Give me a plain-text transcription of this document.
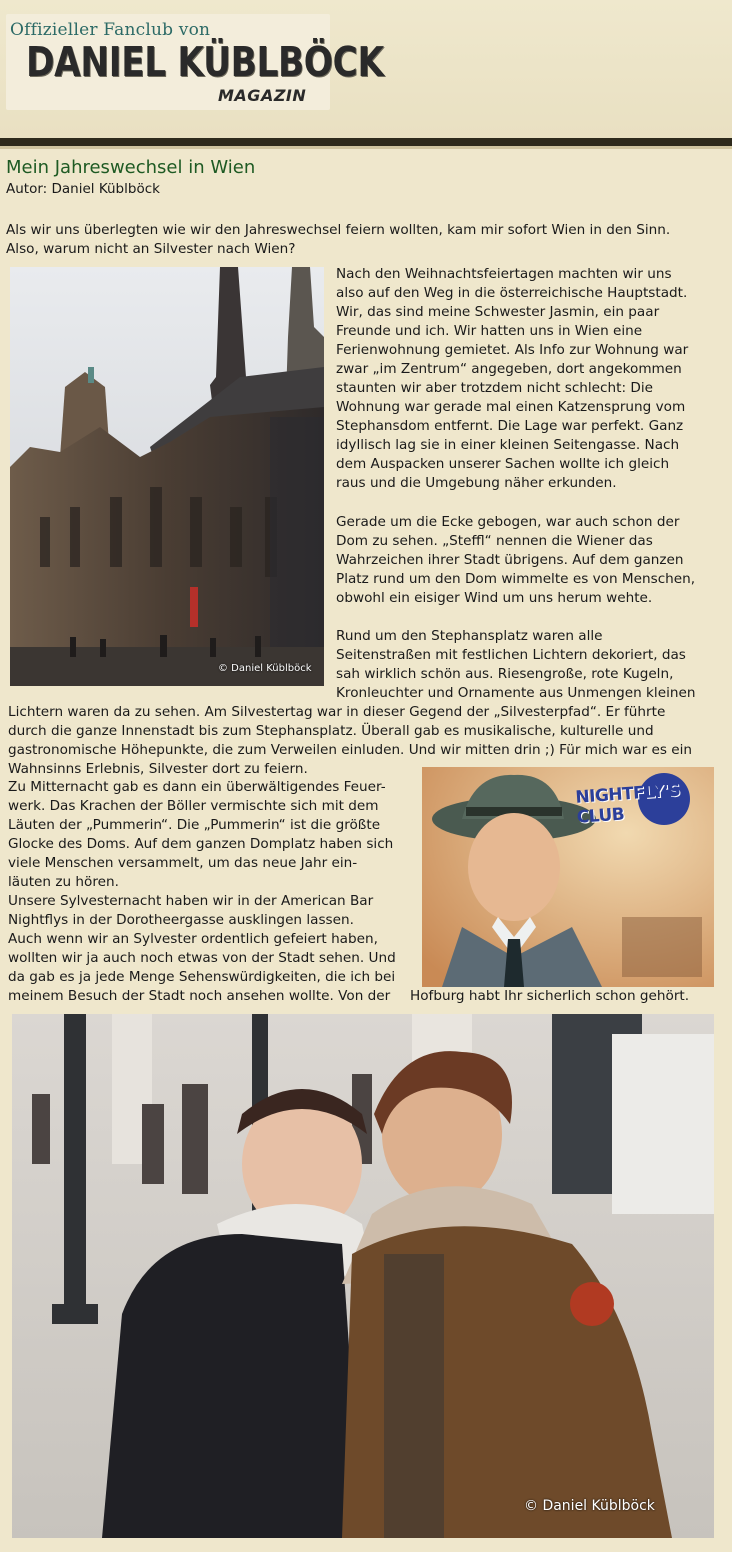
Offizieller Fanclub von
DANIEL KÜBLBÖCK
MAGAZIN
Mein Jahreswechsel in Wien
Autor: Daniel Küblböck

Als wir uns überlegten wie wir den Jahreswechsel feiern wollten, kam mir sofort Wien in den Sinn.
Also, warum nicht an Silvester nach Wien?

© Daniel Küblböck

Nach den Weihnachtsfeiertagen machten wir uns
also auf den Weg in die österreichische Hauptstadt.
Wir, das sind meine Schwester Jasmin, ein paar
Freunde und ich. Wir hatten uns in Wien eine
Ferienwohnung gemietet. Als Info zur Wohnung war
zwar „im Zentrum“ angegeben, dort angekommen
staunten wir aber trotzdem nicht schlecht: Die
Wohnung war gerade mal einen Katzensprung vom
Stephansdom entfernt. Die Lage war perfekt. Ganz
idyllisch lag sie in einer kleinen Seitengasse. Nach
dem Auspacken unserer Sachen wollte ich gleich
raus und die Umgebung näher erkunden.

Gerade um die Ecke gebogen, war auch schon der
Dom zu sehen. „Steffl“ nennen die Wiener das
Wahrzeichen ihrer Stadt übrigens. Auf dem ganzen
Platz rund um den Dom wimmelte es von Menschen,
obwohl ein eisiger Wind um uns herum wehte.

Rund um den Stephansplatz waren alle
Seitenstraßen mit festlichen Lichtern dekoriert, das
sah wirklich schön aus. Riesengroße, rote Kugeln,
Kronleuchter und Ornamente aus Unmengen kleinen

Lichtern waren da zu sehen. Am Silvestertag war in dieser Gegend der „Silvesterpfad“. Er führte
durch die ganze Innenstadt bis zum Stephansplatz. Überall gab es musikalische, kulturelle und
gastronomische Höhepunkte, die zum Verweilen einluden. Und wir mitten drin ;) Für mich war es ein
Wahnsinns Erlebnis, Silvester dort zu feiern.

Zu Mitternacht gab es dann ein überwältigendes Feuer-
werk. Das Krachen der Böller vermischte sich mit dem
Läuten der „Pummerin“. Die „Pummerin“ ist die größte
Glocke des Doms. Auf dem ganzen Domplatz haben sich
viele Menschen versammelt, um das neue Jahr ein-
läuten zu hören.
Unsere Sylvesternacht haben wir in der American Bar
Nightflys in der Dorotheergasse ausklingen lassen.
Auch wenn wir an Sylvester ordentlich gefeiert haben,
wollten wir ja auch noch etwas von der Stadt sehen. Und
da gab es ja jede Menge Sehenswürdigkeiten, die ich bei

NIGHTFLY'S CLUB

meinem Besuch der Stadt noch ansehen wollte. Von der	Hofburg habt Ihr sicherlich schon gehört.

© Daniel Küblböck
